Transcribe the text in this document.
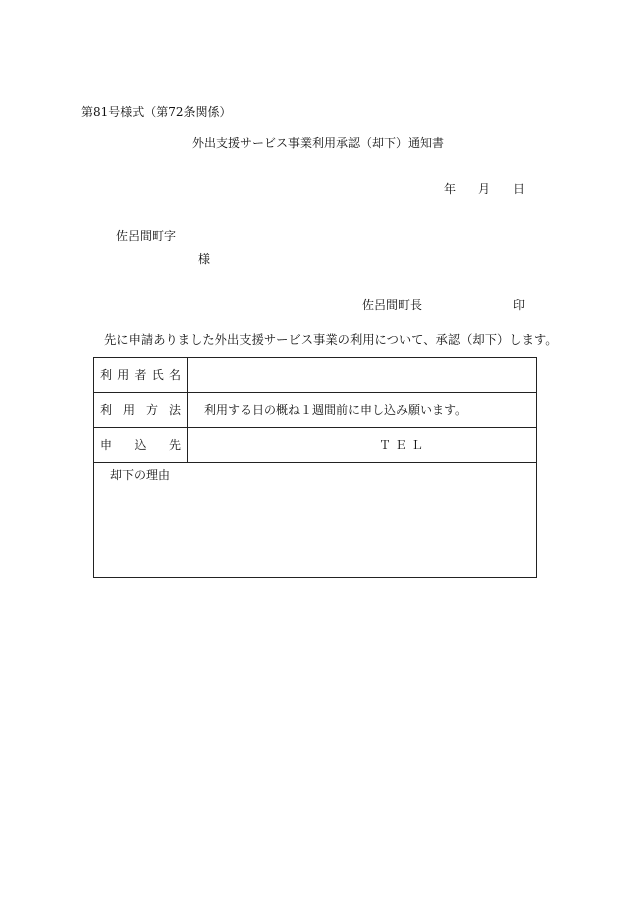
第81号様式（第72条関係）
外出支援サービス事業利用承認（却下）通知書
年 月 日
佐呂間町字
様
佐呂間町長	印
先に申請ありました外出支援サービス事業の利用について、承認（却下）します。
利 用 者 氏 名
利 用 方 法 利用する日の概ね１週間前に申し込み願います。
申 込 先	ＴＥＬ
却下の理由
